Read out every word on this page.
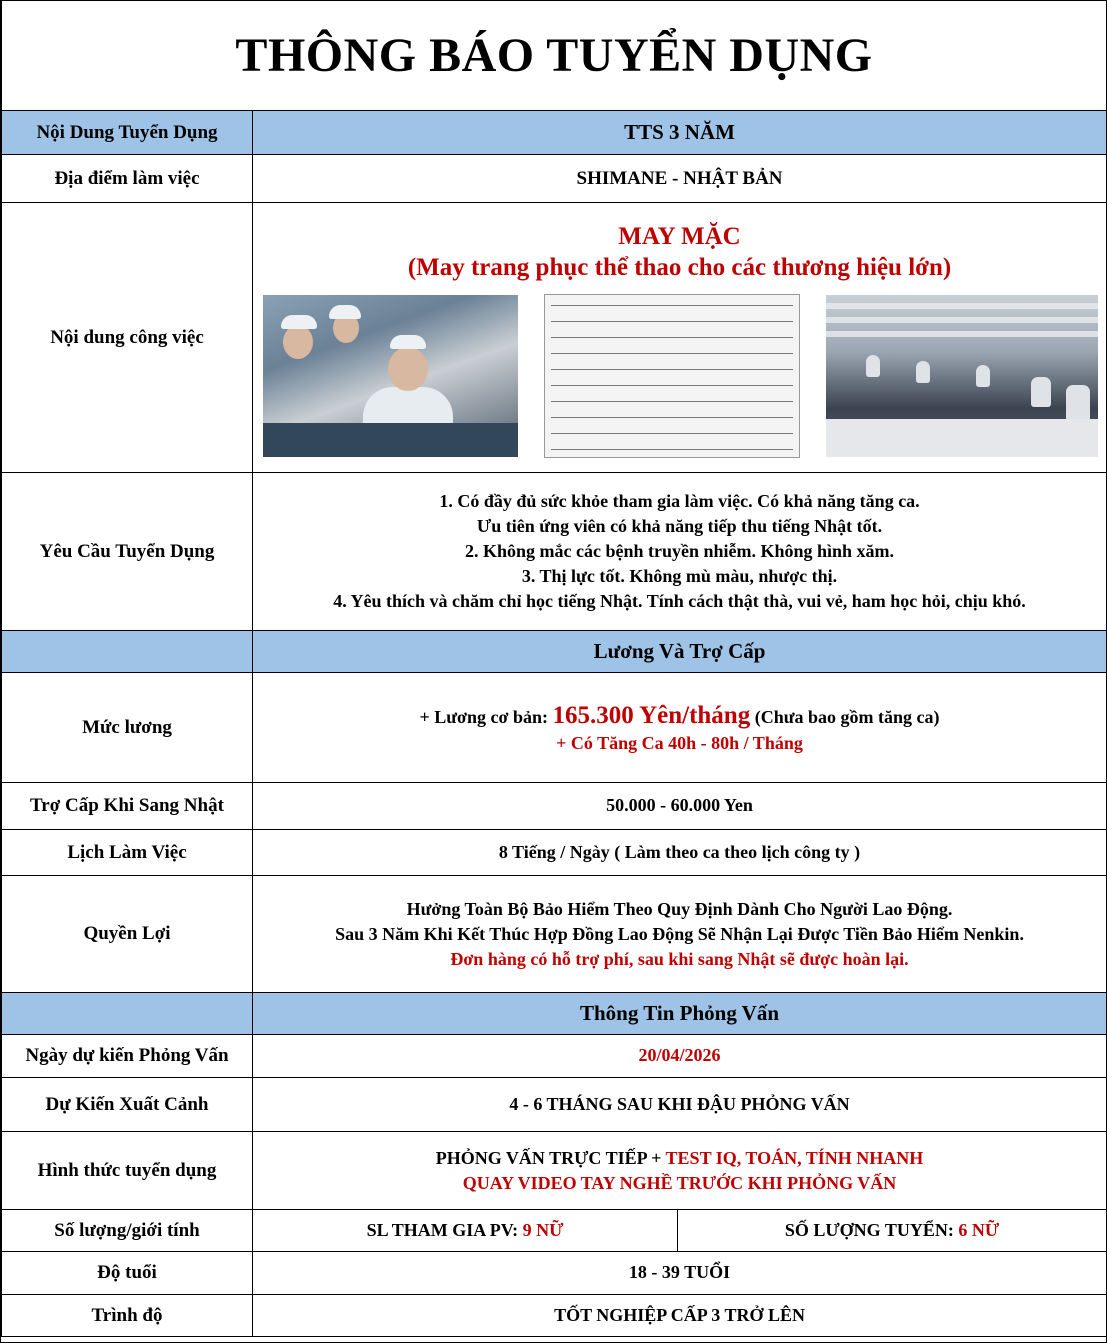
THÔNG BÁO TUYỂN DỤNG		
Nội Dung Tuyển Dụng	TTS 3 NĂM	
Địa điểm làm việc	SHIMANE - NHẬT BẢN	
Nội dung công việc	MAY MẶC
(May trang phục thể thao cho các thương hiệu lớn)	

Yêu Cầu Tuyển Dụng	1. Có đầy đủ sức khỏe tham gia làm việc. Có khả năng tăng ca.
Ưu tiên ứng viên có khả năng tiếp thu tiếng Nhật tốt.
2. Không mắc các bệnh truyền nhiễm. Không hình xăm.
3. Thị lực tốt. Không mù màu, nhược thị.
4. Yêu thích và chăm chỉ học tiếng Nhật. Tính cách thật thà, vui vẻ, ham học hỏi, chịu khó.	

	Lương Và Trợ Cấp	
Mức lương	+ Lương cơ bản: 165.300 Yên/tháng (Chưa bao gồm tăng ca)
+ Có Tăng Ca 40h - 80h / Tháng	

Trợ Cấp Khi Sang Nhật	50.000 - 60.000 Yen	
Lịch Làm Việc	8 Tiếng / Ngày ( Làm theo ca theo lịch công ty )	
Quyền Lợi	Hưởng Toàn Bộ Bảo Hiểm Theo Quy Định Dành Cho Người Lao Động.
Sau 3 Năm Khi Kết Thúc Hợp Đồng Lao Động Sẽ Nhận Lại Được Tiền Bảo Hiểm Nenkin.
Đơn hàng có hỗ trợ phí, sau khi sang Nhật sẽ được hoàn lại.	

	Thông Tin Phỏng Vấn	
Ngày dự kiến Phỏng Vấn	20/04/2026	
Dự Kiến Xuất Cảnh	4 - 6 THÁNG SAU KHI ĐẬU PHỎNG VẤN	
Hình thức tuyển dụng	PHỎNG VẤN TRỰC TIẾP + TEST IQ, TOÁN, TÍNH NHANH
QUAY VIDEO TAY NGHỀ TRƯỚC KHI PHỎNG VẤN	

Số lượng/giới tính	SL THAM GIA PV: 9 NỮ	SỐ LƯỢNG TUYỂN: 6 NỮ
Độ tuổi	18 - 39 TUỔI	
Trình độ	TỐT NGHIỆP CẤP 3 TRỞ LÊN	
